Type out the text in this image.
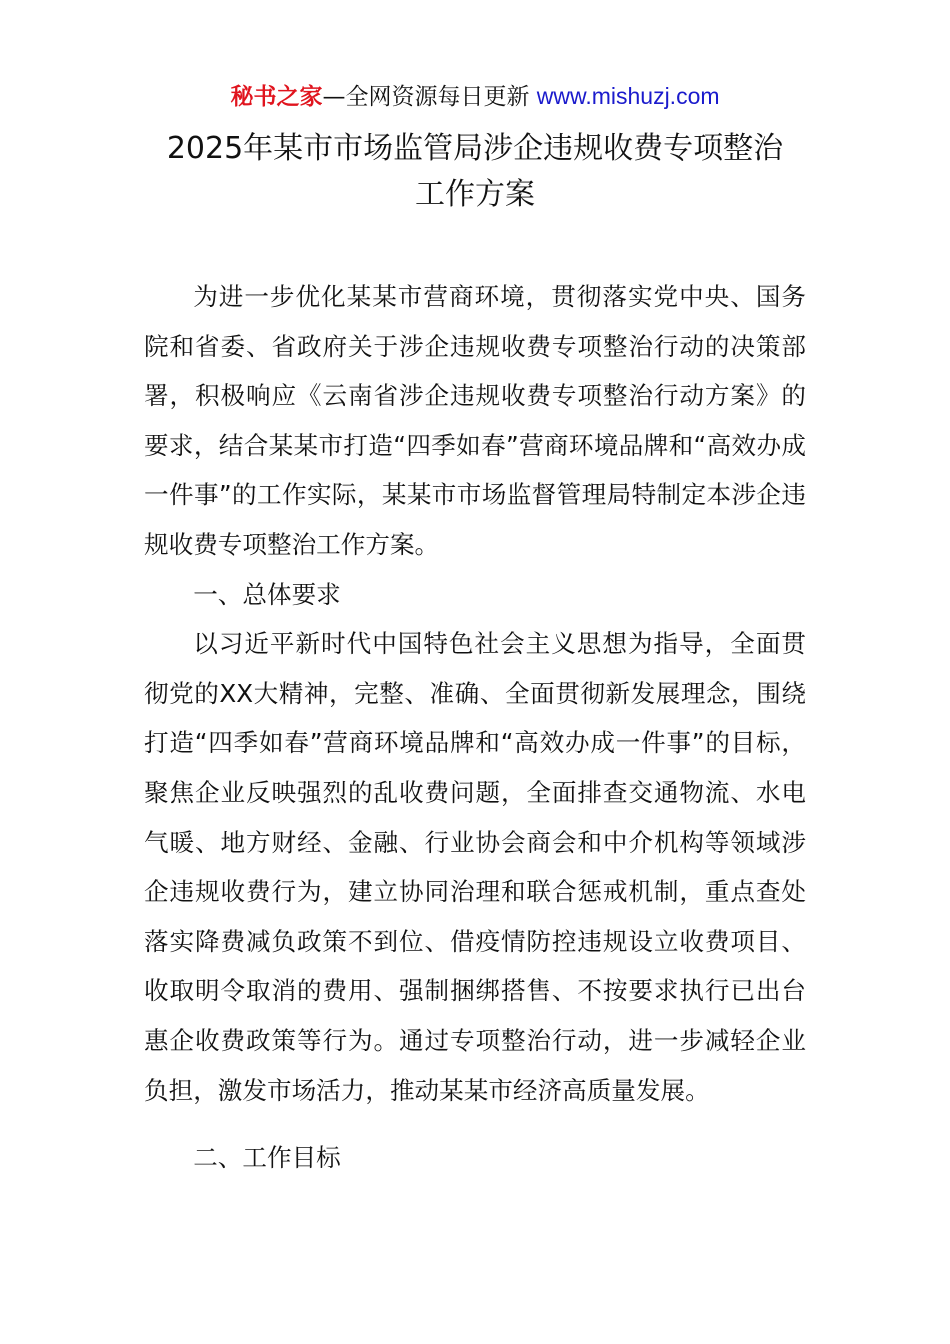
秘书之家—全网资源每日更新 www.mishuzj.com
2025年某市市场监管局涉企违规收费专项整治
工作方案

为进一步优化某某市营商环境，贯彻落实党中央、国务院和省委、省政府关于涉企违规收费专项整治行动的决策部署，积极响应《云南省涉企违规收费专项整治行动方案》的要求，结合某某市打造“四季如春”营商环境品牌和“高效办成一件事”的工作实际，某某市市场监督管理局特制定本涉企违规收费专项整治工作方案。

一、总体要求

以习近平新时代中国特色社会主义思想为指导，全面贯彻党的XX大精神，完整、准确、全面贯彻新发展理念，围绕打造“四季如春”营商环境品牌和“高效办成一件事”的目标，聚焦企业反映强烈的乱收费问题，全面排查交通物流、水电气暖、地方财经、金融、行业协会商会和中介机构等领域涉企违规收费行为，建立协同治理和联合惩戒机制，重点查处落实降费减负政策不到位、借疫情防控违规设立收费项目、收取明令取消的费用、强制捆绑搭售、不按要求执行已出台惠企收费政策等行为。通过专项整治行动，进一步减轻企业负担，激发市场活力，推动某某市经济高质量发展。

二、工作目标
